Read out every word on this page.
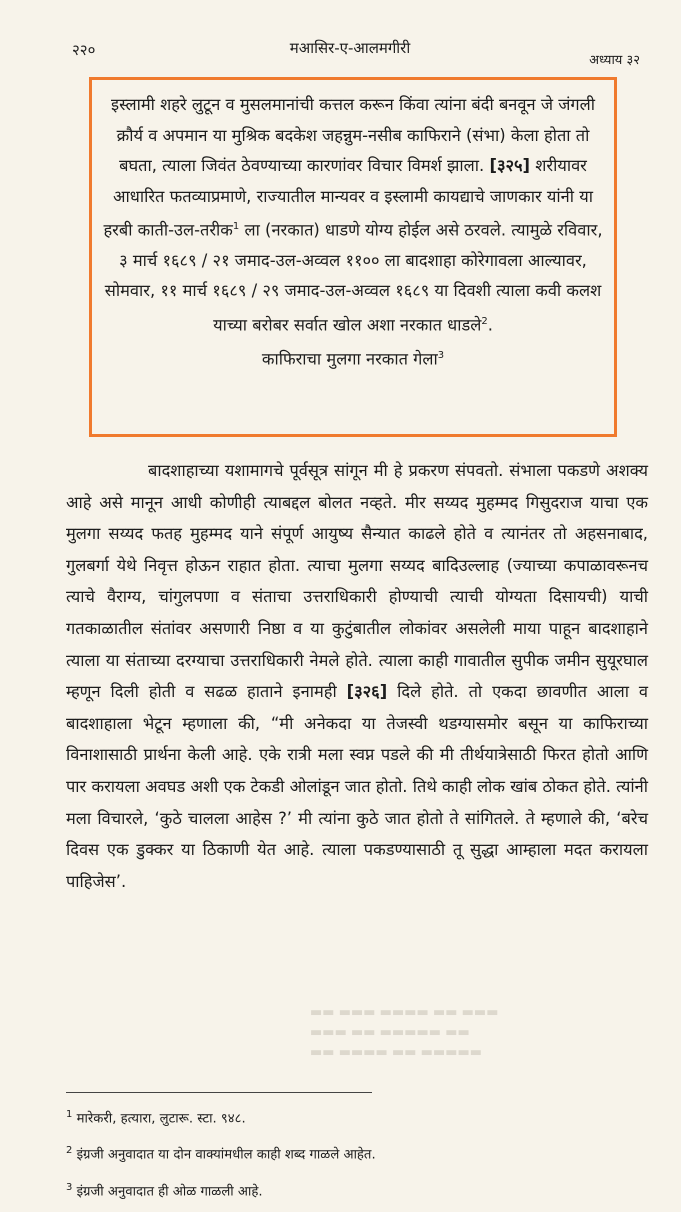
२२०	मआसिर-ए-आलमगीरी
अध्याय ३२

इस्लामी शहरे लुटून व मुसलमानांची कत्तल करून किंवा त्यांना बंदी बनवून जे जंगली क्रौर्य व अपमान या मुश्रिक बदकेश जहन्नुम-नसीब काफिराने (संभा) केला होता तो बघता, त्याला जिवंत ठेवण्याच्या कारणांवर विचार विमर्श झाला. [३२५] शरीयावर आधारित फतव्याप्रमाणे, राज्यातील मान्यवर व इस्लामी कायद्याचे जाणकार यांनी या हरबी काती-उल-तरीक$^1$ ला (नरकात) धाडणे योग्य होईल असे ठरवले. त्यामुळे रविवार, ३ मार्च १६८९ / २१ जमाद-उल-अव्वल ११०० ला बादशाहा कोरेगावला आल्यावर, सोमवार, ११ मार्च १६८९ / २९ जमाद-उल-अव्वल १६८९ या दिवशी त्याला कवी कलश याच्या बरोबर सर्वात खोल अशा नरकात धाडले$^2$.

काफिराचा मुलगा नरकात गेला$^3$

बादशाहाच्या यशामागचे पूर्वसूत्र सांगून मी हे प्रकरण संपवतो. संभाला पकडणे अशक्य आहे असे मानून आधी कोणीही त्याबद्दल बोलत नव्हते. मीर सय्यद मुहम्मद गिसुदराज याचा एक मुलगा सय्यद फतह मुहम्मद याने संपूर्ण आयुष्य सैन्यात काढले होते व त्यानंतर तो अहसनाबाद, गुलबर्गा येथे निवृत्त होऊन राहात होता. त्याचा मुलगा सय्यद बादिउल्लाह (ज्याच्या कपाळावरूनच त्याचे वैराग्य, चांगुलपणा व संताचा उत्तराधिकारी होण्याची त्याची योग्यता दिसायची) याची गतकाळातील संतांवर असणारी निष्ठा व या कुटुंबातील लोकांवर असलेली माया पाहून बादशाहाने त्याला या संताच्या दरग्याचा उत्तराधिकारी नेमले होते. त्याला काही गावातील सुपीक जमीन सुयूरघाल म्हणून दिली होती व सढळ हाताने इनामही [३२६] दिले होते. तो एकदा छावणीत आला व बादशाहाला भेटून म्हणाला की, “मी अनेकदा या तेजस्वी थडग्यासमोर बसून या काफिराच्या विनाशासाठी प्रार्थना केली आहे. एके रात्री मला स्वप्न पडले की मी तीर्थयात्रेसाठी फिरत होतो आणि पार करायला अवघड अशी एक टेकडी ओलांडून जात होतो. तिथे काही लोक खांब ठोकत होते. त्यांनी मला विचारले, ‘कुठे चालला आहेस ?’ मी त्यांना कुठे जात होतो ते सांगितले. ते म्हणाले की, ‘बरेच दिवस एक डुक्कर या ठिकाणी येत आहे. त्याला पकडण्यासाठी तू सुद्धा आम्हाला मदत करायला पाहिजेस’.

▬▬ ▬▬▬ ▬▬▬▬ ▬▬ ▬▬▬
▬▬▬ ▬▬ ▬▬▬▬▬ ▬▬
▬▬ ▬▬▬▬ ▬▬ ▬▬▬▬▬

$^1$ मारेकरी, हत्यारा, लुटारू. स्टा. ९४८.

$^2$ इंग्रजी अनुवादात या दोन वाक्यांमधील काही शब्द गाळले आहेत.

$^3$ इंग्रजी अनुवादात ही ओळ गाळली आहे.
